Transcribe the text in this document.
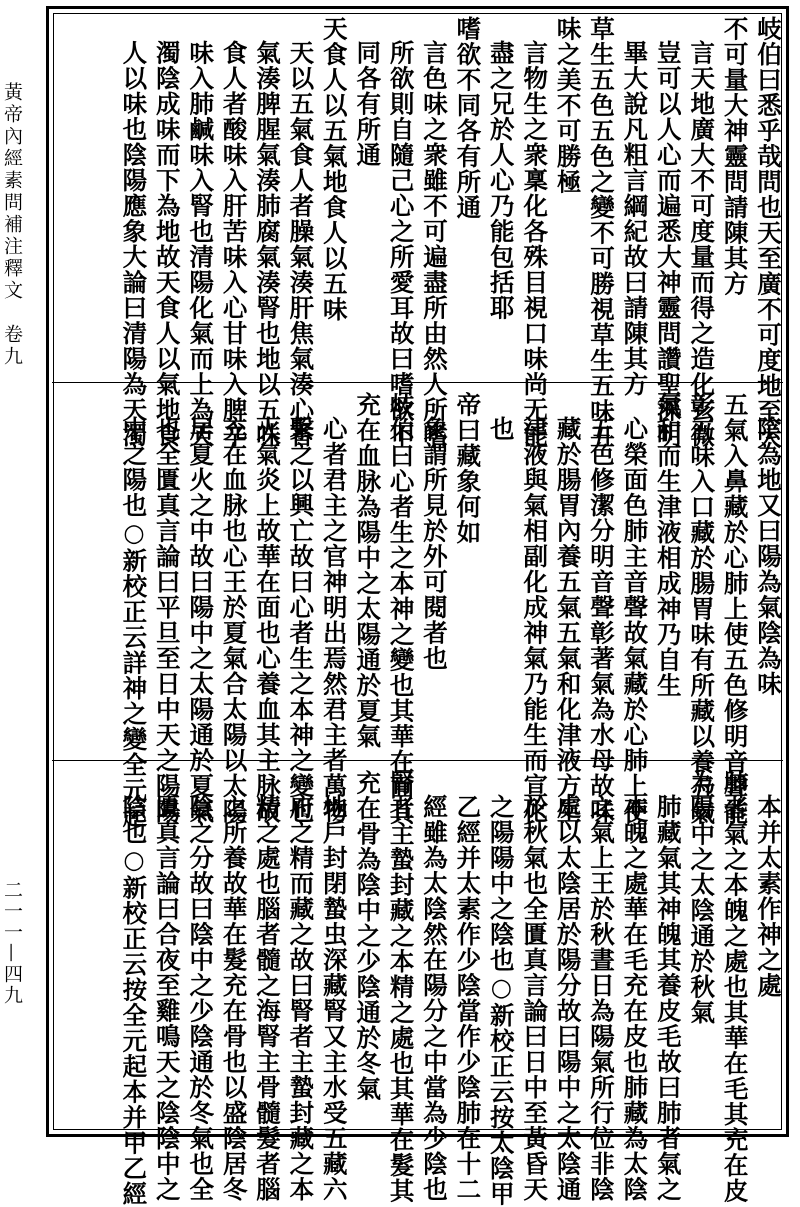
黃帝內經素問補注釋文　卷九
二一一—四九
岐伯曰悉乎哉問也天至廣不可度地至大
不可量大神靈問請陳其方
言天地廣大不可度量而得之造化玄微
豈可以人心而遍悉大神靈問讚聖深明
畢大說凡粗言綱紀故曰請陳其方
草生五色五色之變不可勝視草生五味五
味之美不可勝極
言物生之衆稟化各殊目視口味尚无能
盡之兄於人心乃能包括耶
嗜欲不同各有所通
言色味之衆雖不可遍盡所由然人所嗜
所欲則自隨己心之所愛耳故曰嗜欲不
同各有所通
天食人以五氣地食人以五味
天以五氣食人者臊氣湊肝焦氣湊心香
氣湊脾腥氣湊肺腐氣湊腎也地以五味
食人者酸味入肝苦味入心甘味入脾辛
味入肺鹹味入腎也清陽化氣而上為天
濁陰成味而下為地故天食人以氣地食
人以味也陰陽應象大論曰清陽為天濁
陰為地又曰陽為氣陰為味
五氣入鼻藏於心肺上使五色修明音聲能
彰五味入口藏於腸胃味有所藏以養五氣
氣和而生津液相成神乃自生
心榮面色肺主音聲故氣藏於心肺上使
五色修潔分明音聲彰著氣為水母故味
藏於腸胃內養五氣五氣和化津液方生
津液與氣相副化成神氣乃能生而宣化
也
帝曰藏象何如
象謂所見於外可閱者也
岐伯曰心者生之本神之變也其華在面其
充在血脉為陽中之太陽通於夏氣
心者君主之官神明出焉然君主者萬物
繫之以興亡故曰心者生之本神之變也
火氣炎上故華在面也心養血其主脉故
充在血脉也心王於夏氣合太陽以太陽
居夏火之中故曰陽中之太陽通於夏氣
也全匱真言論曰平旦至日中天之陽陽
中之陽也○新校正云詳神之變全元起
本并太素作神之處
肺者氣之本魄之處也其華在毛其充在皮
為陽中之太陰通於秋氣
肺藏氣其神魄其養皮毛故曰肺者氣之
本魄之處華在毛充在皮也肺藏為太陰
之氣上王於秋晝日為陽氣所行位非陰
處以太陰居於陽分故曰陽中之太陰通
於秋氣也全匱真言論曰日中至黃昏天
之陽陽中之陰也○新校正云按太陰甲
乙經并太素作少陰當作少陰肺在十二
經雖為太陰然在陽分之中當為少陰也
腎者主蟄封藏之本精之處也其華在髮其
充在骨為陰中之少陰通於冬氣
地戶封閉蟄虫深藏腎又主水受五藏六
府之精而藏之故曰腎者主蟄封藏之本
精之處也腦者髓之海腎主骨髓髮者腦
之所養故華在髮充在骨也以盛陰居冬
陰之分故曰陰中之少陰通於冬氣也全
匱真言論曰合夜至雞鳴天之陰陰中之
陰也○新校正云按全元起本并甲乙經
